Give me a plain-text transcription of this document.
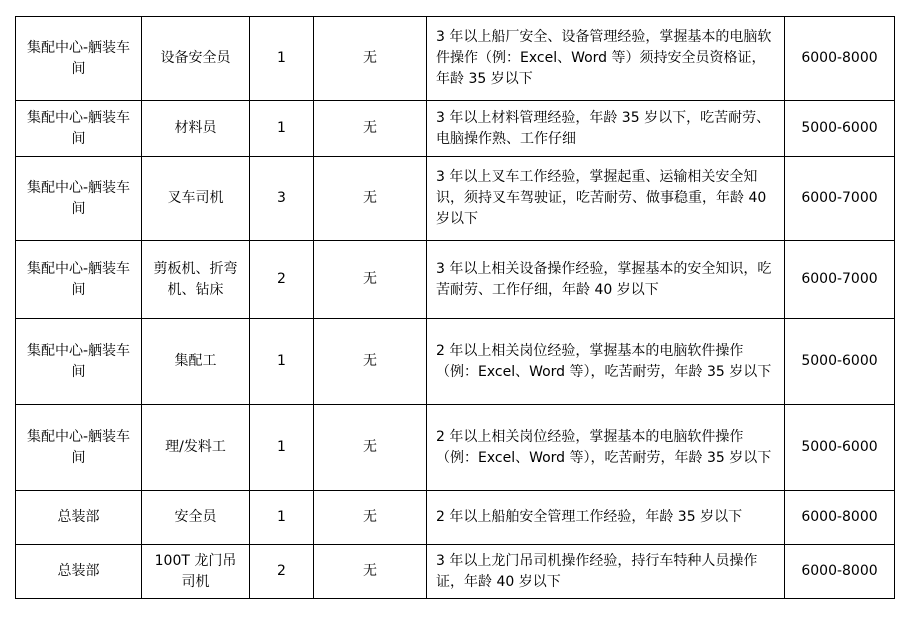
集配中心-舾装车间	设备安全员	1	无	3 年以上船厂安全、设备管理经验，掌握基本的电脑软件操作（例：Excel、Word 等）须持安全员资格证，年龄 35 岁以下	6000-8000
集配中心-舾装车间	材料员	1	无	3 年以上材料管理经验，年龄 35 岁以下，吃苦耐劳、电脑操作熟、工作仔细	5000-6000
集配中心-舾装车间	叉车司机	3	无	3 年以上叉车工作经验，掌握起重、运输相关安全知识，须持叉车驾驶证，吃苦耐劳、做事稳重，年龄 40 岁以下	6000-7000
集配中心-舾装车间	剪板机、折弯机、钻床	2	无	3 年以上相关设备操作经验，掌握基本的安全知识，吃苦耐劳、工作仔细，年龄 40 岁以下	6000-7000
集配中心-舾装车间	集配工	1	无	2 年以上相关岗位经验，掌握基本的电脑软件操作（例：Excel、Word 等），吃苦耐劳，年龄 35 岁以下	5000-6000
集配中心-舾装车间	理/发料工	1	无	2 年以上相关岗位经验，掌握基本的电脑软件操作（例：Excel、Word 等），吃苦耐劳，年龄 35 岁以下	5000-6000
总装部	安全员	1	无	2 年以上船舶安全管理工作经验，年龄 35 岁以下	6000-8000
总装部	100T 龙门吊司机	2	无	3 年以上龙门吊司机操作经验，持行车特种人员操作证，年龄 40 岁以下	6000-8000
